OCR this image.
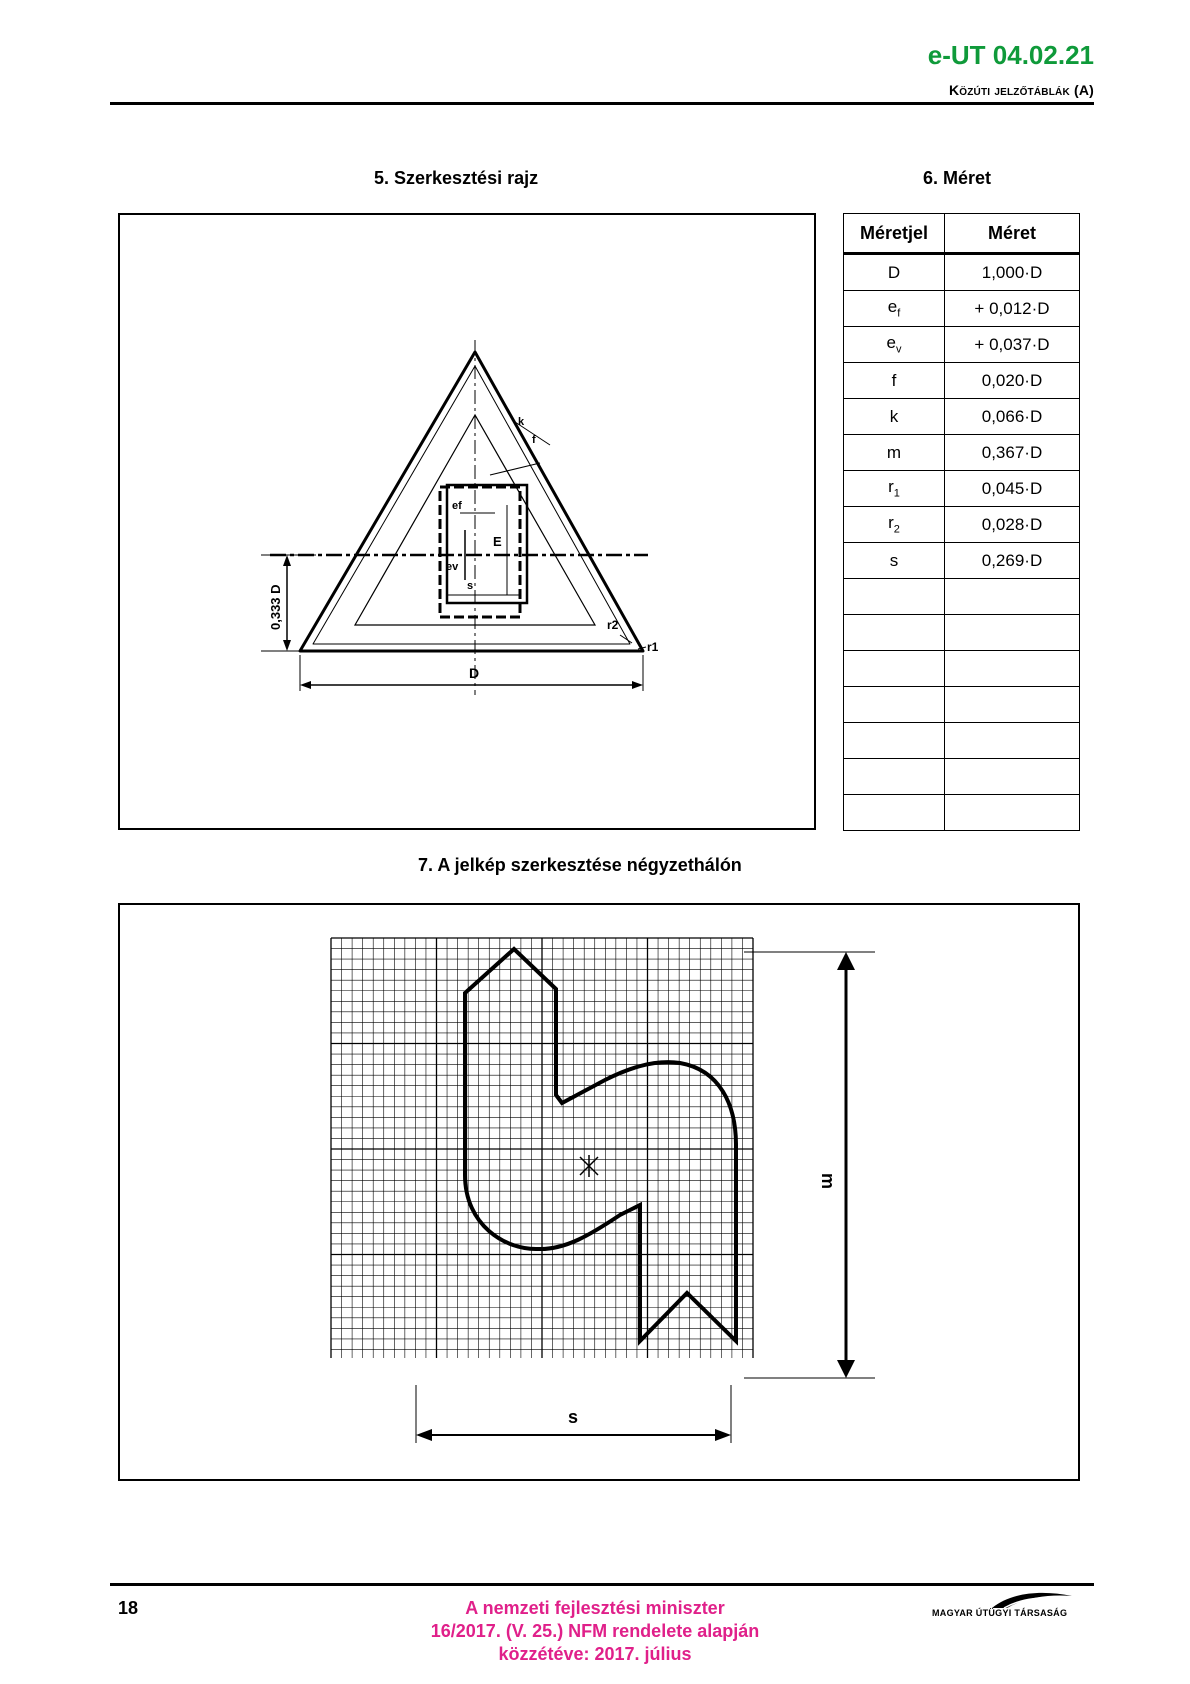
e-UT 04.02.21
Közúti jelzőtáblák (A)
5. Szerkesztési rajz	6. Méret
E
ef
ev
s
k
f
0,333 D
D
r2
r1
Méretjel	Méret
D	1,000·D
$e_f$	+ 0,012·D
$e_v$	+ 0,037·D
f	0,020·D
k	0,066·D
m	0,367·D
$r_1$	0,045·D
$r_2$	0,028·D
s	0,269·D

7. A jelkép szerkesztése négyzethálón
m
s
18	A nemzeti fejlesztési miniszter
16/2017. (V. 25.) NFM rendelete alapján
közzétéve: 2017. július
MAGYAR ÚTÜGYI TÁRSASÁG
